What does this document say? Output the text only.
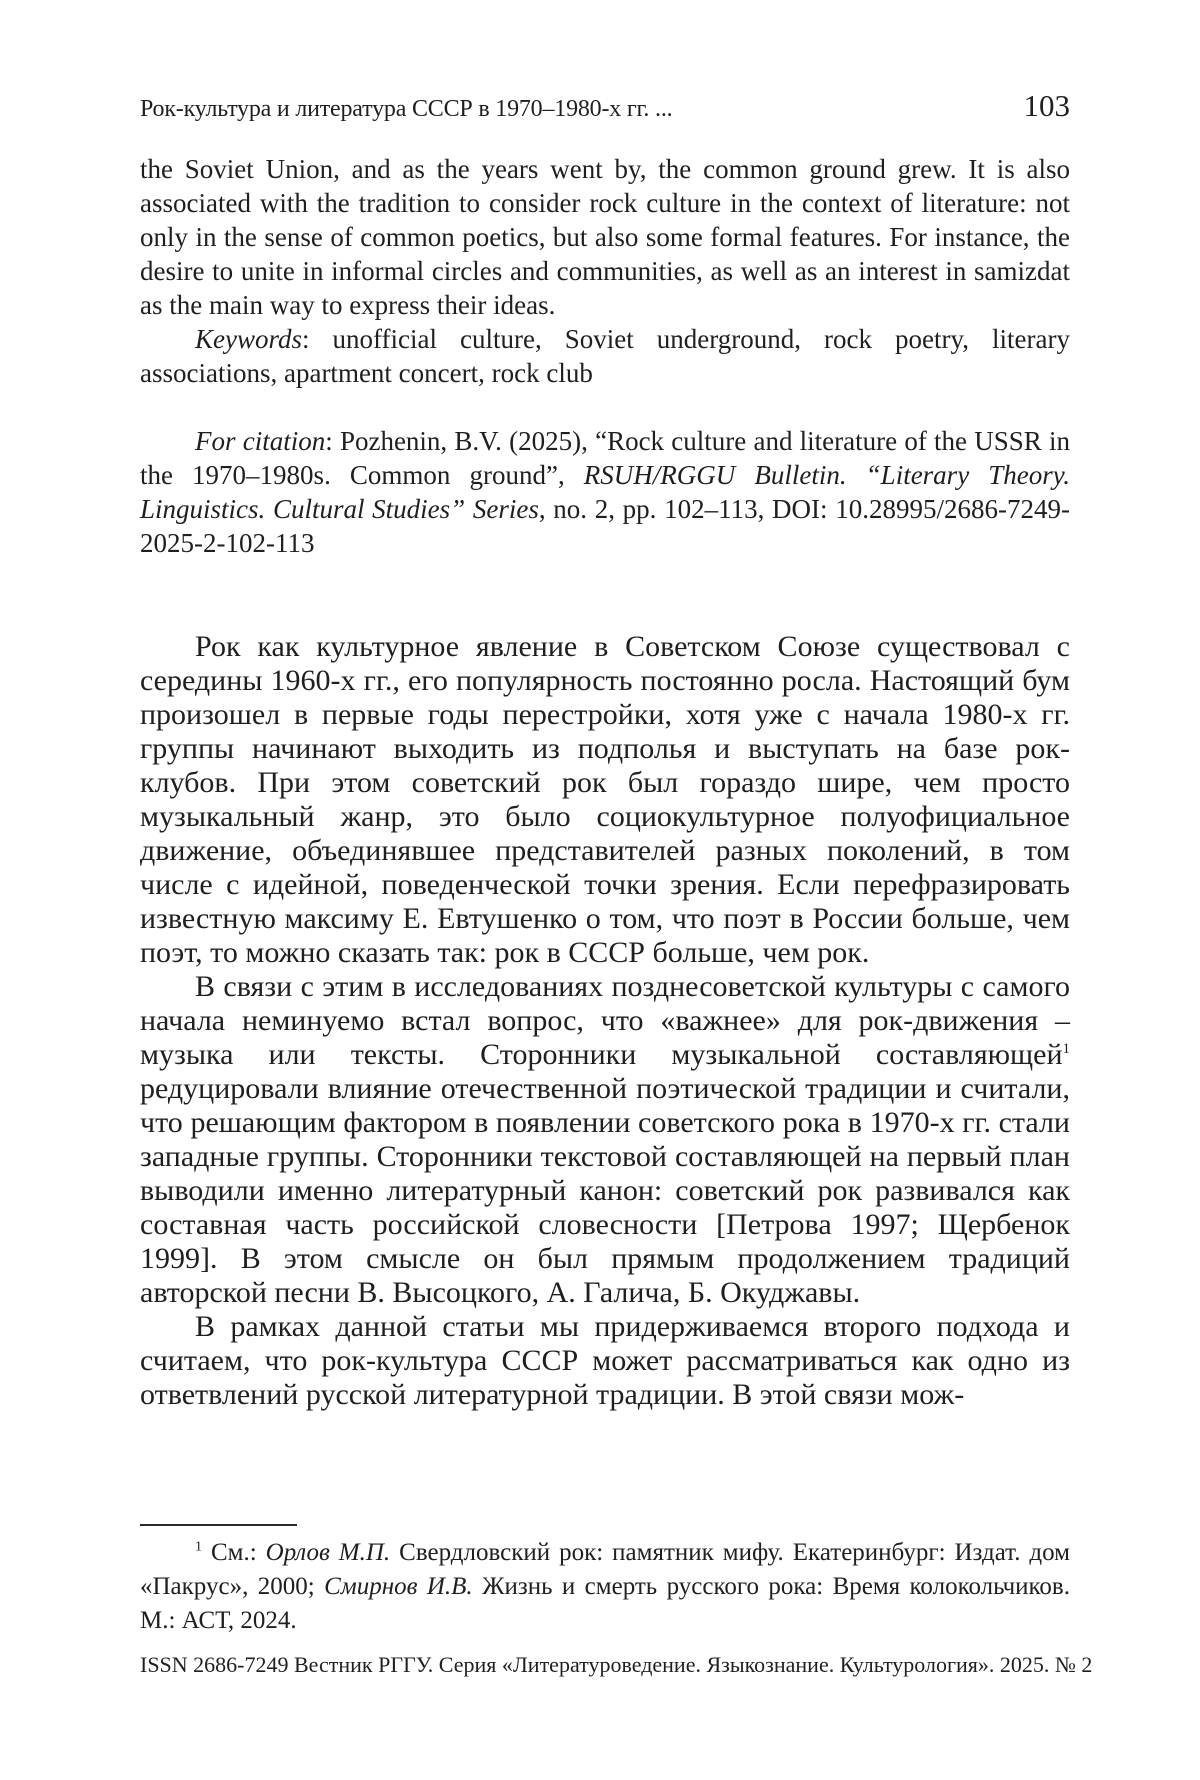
Рок-культура и литература СССР в 1970–1980-х гг. ...	103

the Soviet Union, and as the years went by, the common ground grew. It is also associated with the tradition to consider rock culture in the context of literature: not only in the sense of common poetics, but also some formal features. For instance, the desire to unite in informal circles and communities, as well as an interest in samizdat as the main way to express their ideas.

Keywords: unofficial culture, Soviet underground, rock poetry, literary associations, apartment concert, rock club

For citation: Pozhenin, B.V. (2025), “Rock culture and literature of the USSR in the 1970–1980s. Common ground”, RSUH/RGGU Bulletin. “Literary Theory. Linguistics. Cultural Studies” Series, no. 2, pp. 102–113, DOI: 10.28995/2686-7249-2025-2-102-113

Рок как культурное явление в Советском Союзе существовал с середины 1960-х гг., его популярность постоянно росла. Настоящий бум произошел в первые годы перестройки, хотя уже с начала 1980-х гг. группы начинают выходить из подполья и выступать на базе рок-клубов. При этом советский рок был гораздо шире, чем просто музыкальный жанр, это было социокультурное полуофициальное движение, объединявшее представителей разных поколений, в том числе с идейной, поведенческой точки зрения. Если перефразировать известную максиму Е. Евтушенко о том, что поэт в России больше, чем поэт, то можно сказать так: рок в СССР больше, чем рок.

В связи с этим в исследованиях позднесоветской культуры с самого начала неминуемо встал вопрос, что «важнее» для рок-движения – музыка или тексты. Сторонники музыкальной составляющей$^1$ редуцировали влияние отечественной поэтической традиции и считали, что решающим фактором в появлении советского рока в 1970-х гг. стали западные группы. Сторонники текстовой составляющей на первый план выводили именно литературный канон: советский рок развивался как составная часть российской словесности [Петрова 1997; Щербенок 1999]. В этом смысле он был прямым продолжением традиций авторской песни В. Высоцкого, А. Галича, Б. Окуджавы.

В рамках данной статьи мы придерживаемся второго подхода и считаем, что рок-культура СССР может рассматриваться как одно из ответвлений русской литературной традиции. В этой связи мож-

$^1$ См.: Орлов М.П. Свердловский рок: памятник мифу. Екатеринбург: Издат. дом «Пакрус», 2000; Смирнов И.В. Жизнь и смерть русского рока: Время колокольчиков. М.: АСТ, 2024.

ISSN 2686-7249 Вестник РГГУ. Серия «Литературоведение. Языкознание. Культурология». 2025. № 2
